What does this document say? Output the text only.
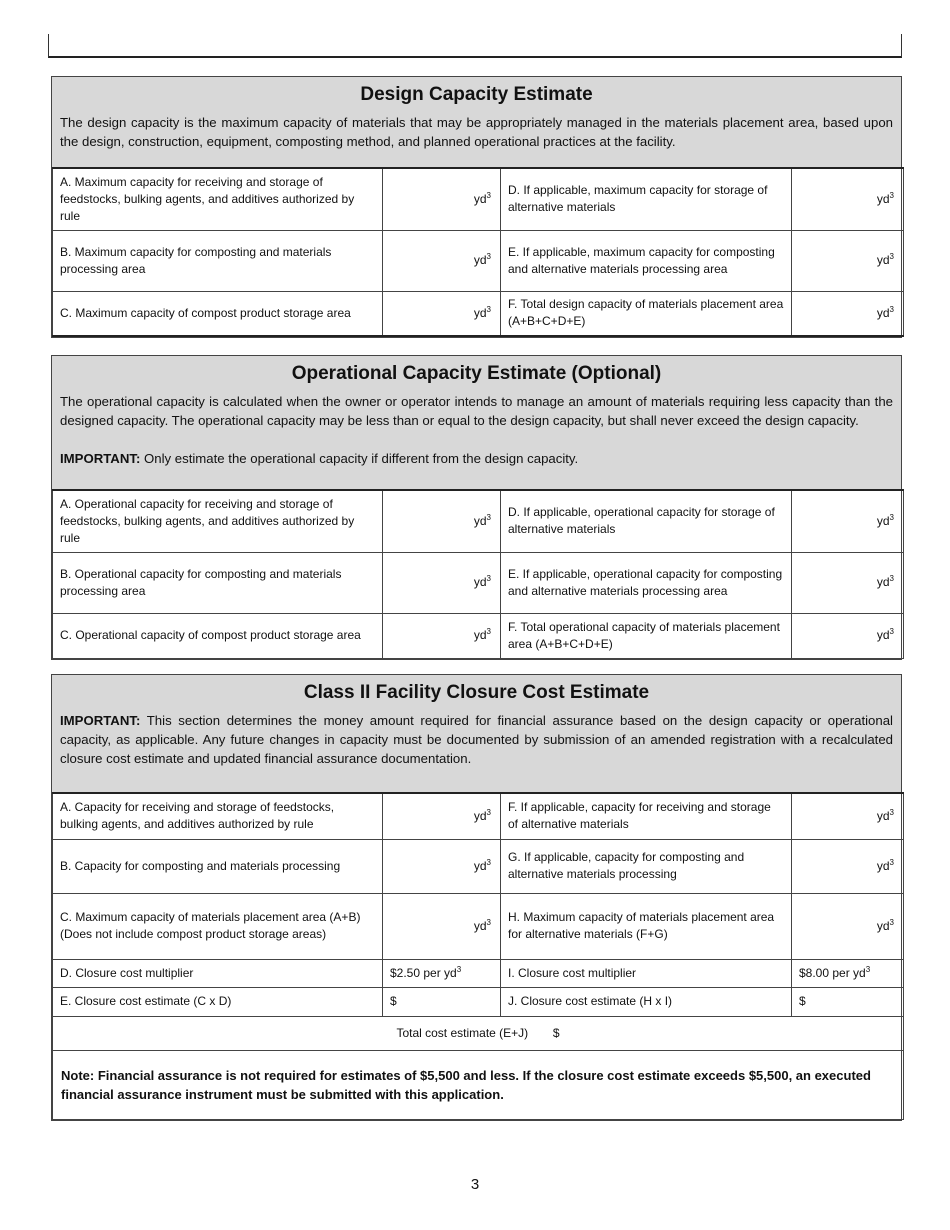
Design Capacity Estimate

The design capacity is the maximum capacity of materials that may be appropriately managed in the materials placement area, based upon the design, construction, equipment, composting method, and planned operational practices at the facility.

A. Maximum capacity for receiving and storage of feedstocks, bulking agents, and additives authorized by rule	$yd^3$	D. If applicable, maximum capacity for storage of alternative materials	$yd^3$
B. Maximum capacity for composting and materials processing area	$yd^3$	E. If applicable, maximum capacity for composting and alternative materials processing area	$yd^3$
C. Maximum capacity of compost product storage area	$yd^3$	F. Total design capacity of materials placement area (A+B+C+D+E)	$yd^3$
Operational Capacity Estimate (Optional)

The operational capacity is calculated when the owner or operator intends to manage an amount of materials requiring less capacity than the designed capacity. The operational capacity may be less than or equal to the design capacity, but shall never exceed the design capacity.

IMPORTANT: Only estimate the operational capacity if different from the design capacity.

A. Operational capacity for receiving and storage of feedstocks, bulking agents, and additives authorized by rule	$yd^3$	D. If applicable, operational capacity for storage of alternative materials	$yd^3$
B. Operational capacity for composting and materials processing area	$yd^3$	E. If applicable, operational capacity for composting and alternative materials processing area	$yd^3$
C. Operational capacity of compost product storage area	$yd^3$	F. Total operational capacity of materials placement area (A+B+C+D+E)	$yd^3$
Class II Facility Closure Cost Estimate

IMPORTANT: This section determines the money amount required for financial assurance based on the design capacity or operational capacity, as applicable. Any future changes in capacity must be documented by submission of an amended registration with a recalculated closure cost estimate and updated financial assurance documentation.

A. Capacity for receiving and storage of feedstocks, bulking agents, and additives authorized by rule	$yd^3$	F. If applicable, capacity for receiving and storage of alternative materials	$yd^3$
B. Capacity for composting and materials processing	$yd^3$	G. If applicable, capacity for composting and alternative materials processing	$yd^3$

C. Maximum capacity of materials placement area (A+B)
(Does not include compost product storage areas)	$yd^3$	H. Maximum capacity of materials placement area for alternative materials (F+G)	$yd^3$
D. Closure cost multiplier	$2.50 per $yd^3$	I. Closure cost multiplier	$8.00 per $yd^3$
E. Closure cost estimate (C x D)	$	J. Closure cost estimate (H x I)	$
Total cost estimate (E+J) $			
Note: Financial assurance is not required for estimates of $5,500 and less. If the closure cost estimate exceeds $5,500, an executed financial assurance instrument must be submitted with this application.			
3
